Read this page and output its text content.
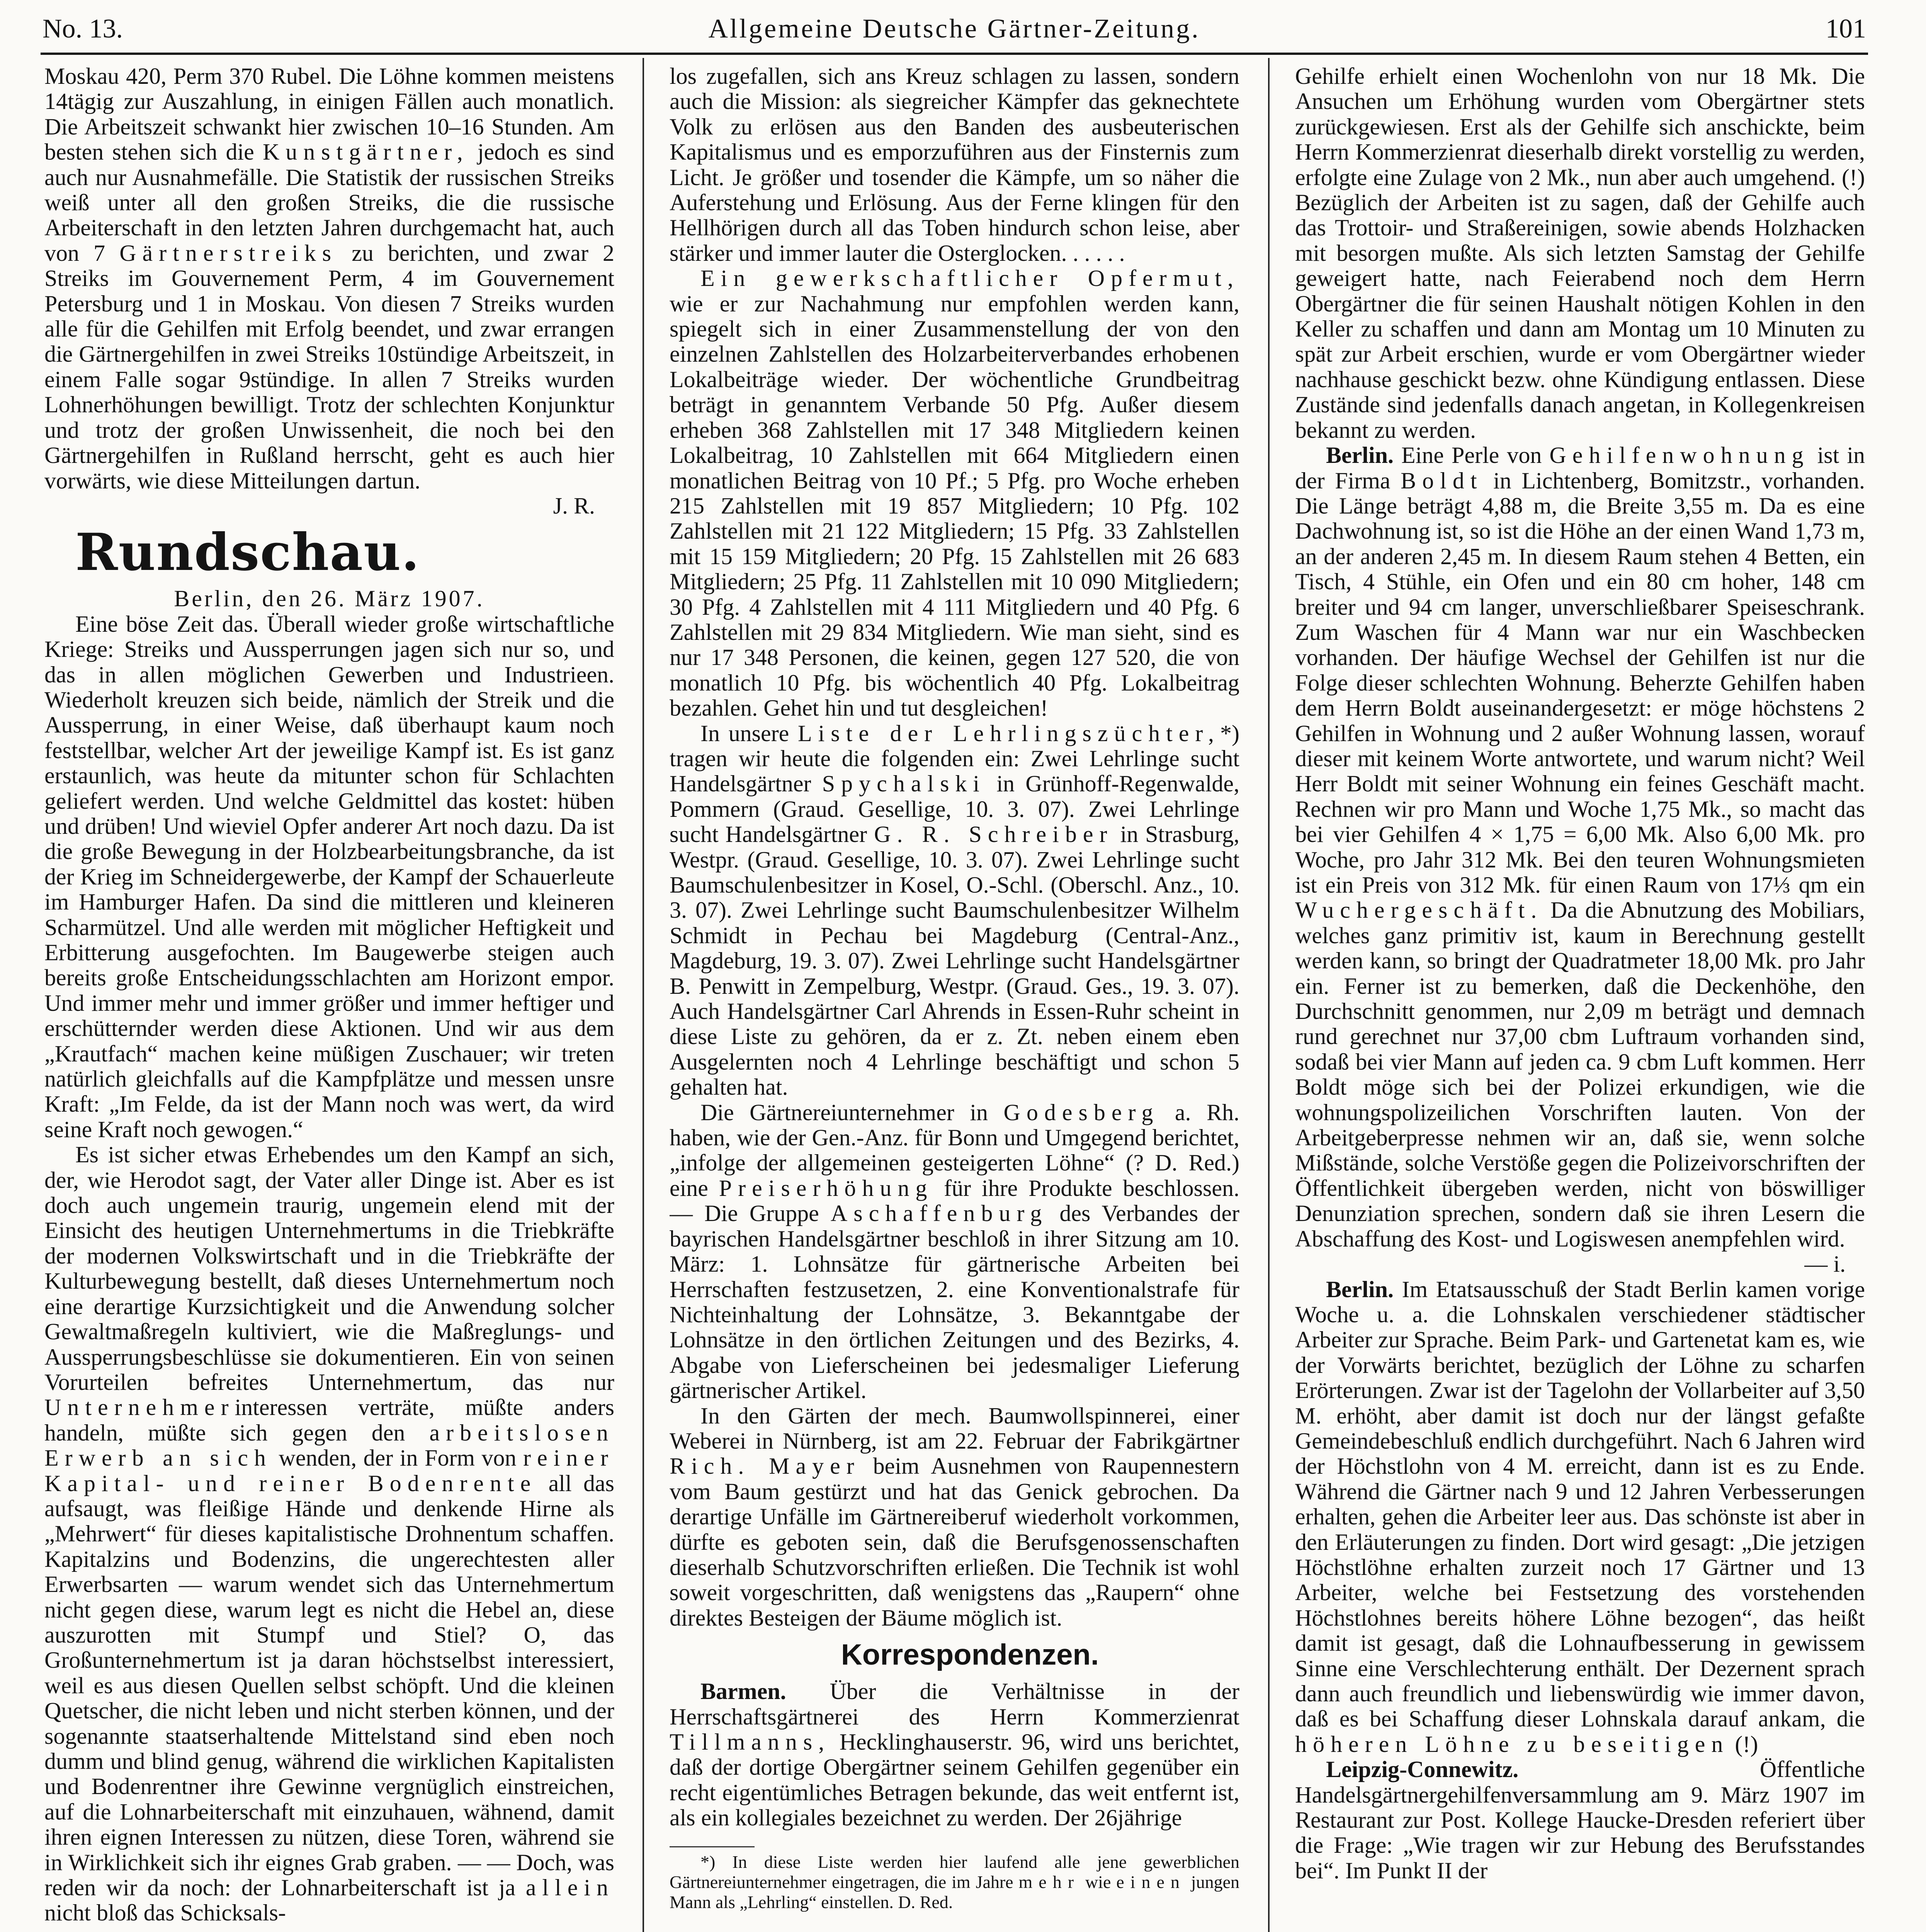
No. 13.	Allgemeine Deutsche Gärtner-Zeitung.	101

Moskau 420, Perm 370 Rubel. Die Löhne kommen meistens 14tägig zur Auszahlung, in einigen Fällen auch monatlich. Die Arbeitszeit schwankt hier zwischen 10–16 Stunden. Am besten stehen sich die Kunstgärtner, jedoch es sind auch nur Ausnahmefälle. Die Statistik der russischen Streiks weiß unter all den großen Streiks, die die russische Arbeiterschaft in den letzten Jahren durchgemacht hat, auch von 7 Gärtnerstreiks zu berichten, und zwar 2 Streiks im Gouvernement Perm, 4 im Gouvernement Petersburg und 1 in Moskau. Von diesen 7 Streiks wurden alle für die Gehilfen mit Erfolg beendet, und zwar errangen die Gärtnergehilfen in zwei Streiks 10stündige Arbeitszeit, in einem Falle sogar 9stündige. In allen 7 Streiks wurden Lohnerhöhungen bewilligt. Trotz der schlechten Konjunktur und trotz der großen Unwissenheit, die noch bei den Gärtnergehilfen in Rußland herrscht, geht es auch hier vorwärts, wie diese Mitteilungen dartun.

J. R.

Rundschau.

Berlin, den 26. März 1907.

Eine böse Zeit das. Überall wieder große wirtschaftliche Kriege: Streiks und Aussperrungen jagen sich nur so, und das in allen möglichen Gewerben und Industrieen. Wiederholt kreuzen sich beide, nämlich der Streik und die Aussperrung, in einer Weise, daß überhaupt kaum noch feststellbar, welcher Art der jeweilige Kampf ist. Es ist ganz erstaunlich, was heute da mitunter schon für Schlachten geliefert werden. Und welche Geldmittel das kostet: hüben und drüben! Und wieviel Opfer anderer Art noch dazu. Da ist die große Bewegung in der Holzbearbeitungsbranche, da ist der Krieg im Schneidergewerbe, der Kampf der Schauerleute im Hamburger Hafen. Da sind die mittleren und kleineren Scharmützel. Und alle werden mit möglicher Heftigkeit und Erbitterung ausgefochten. Im Baugewerbe steigen auch bereits große Entscheidungsschlachten am Horizont empor. Und immer mehr und immer größer und immer heftiger und erschütternder werden diese Aktionen. Und wir aus dem „Krautfach“ machen keine müßigen Zuschauer; wir treten natürlich gleichfalls auf die Kampfplätze und messen unsre Kraft: „Im Felde, da ist der Mann noch was wert, da wird seine Kraft noch gewogen.“

Es ist sicher etwas Erhebendes um den Kampf an sich, der, wie Herodot sagt, der Vater aller Dinge ist. Aber es ist doch auch ungemein traurig, ungemein elend mit der Einsicht des heutigen Unternehmertums in die Triebkräfte der modernen Volkswirtschaft und in die Triebkräfte der Kulturbewegung bestellt, daß dieses Unternehmertum noch eine derartige Kurzsichtigkeit und die Anwendung solcher Gewaltmaßregeln kultiviert, wie die Maßreglungs- und Aussperrungsbeschlüsse sie dokumentieren. Ein von seinen Vorurteilen befreites Unternehmertum, das nur Unternehmerinteressen verträte, müßte anders handeln, müßte sich gegen den arbeitslosen Erwerb an sich wenden, der in Form von reiner Kapital- und reiner Bodenrente all das aufsaugt, was fleißige Hände und denkende Hirne als „Mehrwert“ für dieses kapitalistische Drohnentum schaffen. Kapitalzins und Bodenzins, die ungerechtesten aller Erwerbsarten — warum wendet sich das Unternehmertum nicht gegen diese, warum legt es nicht die Hebel an, diese auszurotten mit Stumpf und Stiel? O, das Großunternehmertum ist ja daran höchstselbst interessiert, weil es aus diesen Quellen selbst schöpft. Und die kleinen Quetscher, die nicht leben und nicht sterben können, und der sogenannte staatserhaltende Mittelstand sind eben noch dumm und blind genug, während die wirklichen Kapitalisten und Bodenrentner ihre Gewinne vergnüglich einstreichen, auf die Lohnarbeiterschaft mit einzuhauen, wähnend, damit ihren eignen Interessen zu nützen, diese Toren, während sie in Wirklichkeit sich ihr eignes Grab graben. — — Doch, was reden wir da noch: der Lohnarbeiterschaft ist ja allein nicht bloß das Schicksals-

los zugefallen, sich ans Kreuz schlagen zu lassen, sondern auch die Mission: als siegreicher Kämpfer das geknechtete Volk zu erlösen aus den Banden des ausbeuterischen Kapitalismus und es emporzuführen aus der Finsternis zum Licht. Je größer und tosender die Kämpfe, um so näher die Auferstehung und Erlösung. Aus der Ferne klingen für den Hellhörigen durch all das Toben hindurch schon leise, aber stärker und immer lauter die Osterglocken. . . . . .

Ein gewerkschaftlicher Opfermut, wie er zur Nachahmung nur empfohlen werden kann, spiegelt sich in einer Zusammenstellung der von den einzelnen Zahlstellen des Holzarbeiterverbandes erhobenen Lokalbeiträge wieder. Der wöchentliche Grundbeitrag beträgt in genanntem Verbande 50 Pfg. Außer diesem erheben 368 Zahlstellen mit 17 348 Mitgliedern keinen Lokalbeitrag, 10 Zahlstellen mit 664 Mitgliedern einen monatlichen Beitrag von 10 Pf.; 5 Pfg. pro Woche erheben 215 Zahlstellen mit 19 857 Mitgliedern; 10 Pfg. 102 Zahlstellen mit 21 122 Mitgliedern; 15 Pfg. 33 Zahlstellen mit 15 159 Mitgliedern; 20 Pfg. 15 Zahlstellen mit 26 683 Mitgliedern; 25 Pfg. 11 Zahlstellen mit 10 090 Mitgliedern; 30 Pfg. 4 Zahlstellen mit 4 111 Mitgliedern und 40 Pfg. 6 Zahlstellen mit 29 834 Mitgliedern. Wie man sieht, sind es nur 17 348 Personen, die keinen, gegen 127 520, die von monatlich 10 Pfg. bis wöchentlich 40 Pfg. Lokalbeitrag bezahlen. Gehet hin und tut desgleichen!

In unsere Liste der Lehrlingszüchter,*) tragen wir heute die folgenden ein: Zwei Lehrlinge sucht Handelsgärtner Spychalski in Grünhoff-Regenwalde, Pommern (Graud. Gesellige, 10. 3. 07). Zwei Lehrlinge sucht Handelsgärtner G. R. Schreiber in Strasburg, Westpr. (Graud. Gesellige, 10. 3. 07). Zwei Lehrlinge sucht Baumschulenbesitzer in Kosel, O.-Schl. (Oberschl. Anz., 10. 3. 07). Zwei Lehrlinge sucht Baumschulenbesitzer Wilhelm Schmidt in Pechau bei Magdeburg (Central-Anz., Magdeburg, 19. 3. 07). Zwei Lehrlinge sucht Handelsgärtner B. Penwitt in Zempelburg, Westpr. (Graud. Ges., 19. 3. 07). Auch Handelsgärtner Carl Ahrends in Essen-Ruhr scheint in diese Liste zu gehören, da er z. Zt. neben einem eben Ausgelernten noch 4 Lehrlinge beschäftigt und schon 5 gehalten hat.

Die Gärtnereiunternehmer in Godesberg a. Rh. haben, wie der Gen.-Anz. für Bonn und Umgegend berichtet, „infolge der allgemeinen gesteigerten Löhne“ (? D. Red.) eine Preiserhöhung für ihre Produkte beschlossen. — Die Gruppe Aschaffenburg des Verbandes der bayrischen Handelsgärtner beschloß in ihrer Sitzung am 10. März: 1. Lohnsätze für gärtnerische Arbeiten bei Herrschaften festzusetzen, 2. eine Konventionalstrafe für Nichteinhaltung der Lohnsätze, 3. Bekanntgabe der Lohnsätze in den örtlichen Zeitungen und des Bezirks, 4. Abgabe von Lieferscheinen bei jedesmaliger Lieferung gärtnerischer Artikel.

In den Gärten der mech. Baumwollspinnerei, einer Weberei in Nürnberg, ist am 22. Februar der Fabrikgärtner Rich. Mayer beim Ausnehmen von Raupennestern vom Baum gestürzt und hat das Genick gebrochen. Da derartige Unfälle im Gärtnereiberuf wiederholt vorkommen, dürfte es geboten sein, daß die Berufsgenossenschaften dieserhalb Schutzvorschriften erließen. Die Technik ist wohl soweit vorgeschritten, daß wenigstens das „Raupern“ ohne direktes Besteigen der Bäume möglich ist.

Korrespondenzen.

Barmen. Über die Verhältnisse in der Herrschaftsgärtnerei des Herrn Kommerzienrat Tillmanns, Hecklinghauserstr. 96, wird uns berichtet, daß der dortige Obergärtner seinem Gehilfen gegenüber ein recht eigentümliches Betragen bekunde, das weit entfernt ist, als ein kollegiales bezeichnet zu werden. Der 26jährige

*) In diese Liste werden hier laufend alle jene gewerblichen Gärtnereiunternehmer eingetragen, die im Jahre mehr wie einen jungen Mann als „Lehrling“ einstellen. D. Red.

Gehilfe erhielt einen Wochenlohn von nur 18 Mk. Die Ansuchen um Erhöhung wurden vom Obergärtner stets zurückgewiesen. Erst als der Gehilfe sich anschickte, beim Herrn Kommerzienrat dieserhalb direkt vorstellig zu werden, erfolgte eine Zulage von 2 Mk., nun aber auch umgehend. (!) Bezüglich der Arbeiten ist zu sagen, daß der Gehilfe auch das Trottoir- und Straßereinigen, sowie abends Holzhacken mit besorgen mußte. Als sich letzten Samstag der Gehilfe geweigert hatte, nach Feierabend noch dem Herrn Obergärtner die für seinen Haushalt nötigen Kohlen in den Keller zu schaffen und dann am Montag um 10 Minuten zu spät zur Arbeit erschien, wurde er vom Obergärtner wieder nachhause geschickt bezw. ohne Kündigung entlassen. Diese Zustände sind jedenfalls danach angetan, in Kollegenkreisen bekannt zu werden.

Berlin. Eine Perle von Gehilfenwohnung ist in der Firma Boldt in Lichtenberg, Bomitzstr., vorhanden. Die Länge beträgt 4,88 m, die Breite 3,55 m. Da es eine Dachwohnung ist, so ist die Höhe an der einen Wand 1,73 m, an der anderen 2,45 m. In diesem Raum stehen 4 Betten, ein Tisch, 4 Stühle, ein Ofen und ein 80 cm hoher, 148 cm breiter und 94 cm langer, unverschließbarer Speiseschrank. Zum Waschen für 4 Mann war nur ein Waschbecken vorhanden. Der häufige Wechsel der Gehilfen ist nur die Folge dieser schlechten Wohnung. Beherzte Gehilfen haben dem Herrn Boldt auseinandergesetzt: er möge höchstens 2 Gehilfen in Wohnung und 2 außer Wohnung lassen, worauf dieser mit keinem Worte antwortete, und warum nicht? Weil Herr Boldt mit seiner Wohnung ein feines Geschäft macht. Rechnen wir pro Mann und Woche 1,75 Mk., so macht das bei vier Gehilfen 4 × 1,75 = 6,00 Mk. Also 6,00 Mk. pro Woche, pro Jahr 312 Mk. Bei den teuren Wohnungsmieten ist ein Preis von 312 Mk. für einen Raum von 17⅓ qm ein Wuchergeschäft. Da die Abnutzung des Mobiliars, welches ganz primitiv ist, kaum in Berechnung gestellt werden kann, so bringt der Quadratmeter 18,00 Mk. pro Jahr ein. Ferner ist zu bemerken, daß die Deckenhöhe, den Durchschnitt genommen, nur 2,09 m beträgt und demnach rund gerechnet nur 37,00 cbm Luftraum vorhanden sind, sodaß bei vier Mann auf jeden ca. 9 cbm Luft kommen. Herr Boldt möge sich bei der Polizei erkundigen, wie die wohnungspolizeilichen Vorschriften lauten. Von der Arbeitgeberpresse nehmen wir an, daß sie, wenn solche Mißstände, solche Verstöße gegen die Polizeivorschriften der Öffentlichkeit übergeben werden, nicht von böswilliger Denunziation sprechen, sondern daß sie ihren Lesern die Abschaffung des Kost- und Logiswesen anempfehlen wird.

— i.

Berlin. Im Etatsausschuß der Stadt Berlin kamen vorige Woche u. a. die Lohnskalen verschiedener städtischer Arbeiter zur Sprache. Beim Park- und Gartenetat kam es, wie der Vorwärts berichtet, bezüglich der Löhne zu scharfen Erörterungen. Zwar ist der Tagelohn der Vollarbeiter auf 3,50 M. erhöht, aber damit ist doch nur der längst gefaßte Gemeindebeschluß endlich durchgeführt. Nach 6 Jahren wird der Höchstlohn von 4 M. erreicht, dann ist es zu Ende. Während die Gärtner nach 9 und 12 Jahren Verbesserungen erhalten, gehen die Arbeiter leer aus. Das schönste ist aber in den Erläuterungen zu finden. Dort wird gesagt: „Die jetzigen Höchstlöhne erhalten zurzeit noch 17 Gärtner und 13 Arbeiter, welche bei Festsetzung des vorstehenden Höchstlohnes bereits höhere Löhne bezogen“, das heißt damit ist gesagt, daß die Lohnaufbesserung in gewissem Sinne eine Verschlechterung enthält. Der Dezernent sprach dann auch freundlich und liebenswürdig wie immer davon, daß es bei Schaffung dieser Lohnskala darauf ankam, die höheren Löhne zu beseitigen (!)

Leipzig-Connewitz.	Öffentliche Handelsgärtnergehilfenversammlung am 9. März 1907 im Restaurant zur Post. Kollege Haucke-Dresden referiert über die Frage: „Wie tragen wir zur Hebung des Berufsstandes bei“. Im Punkt II der
